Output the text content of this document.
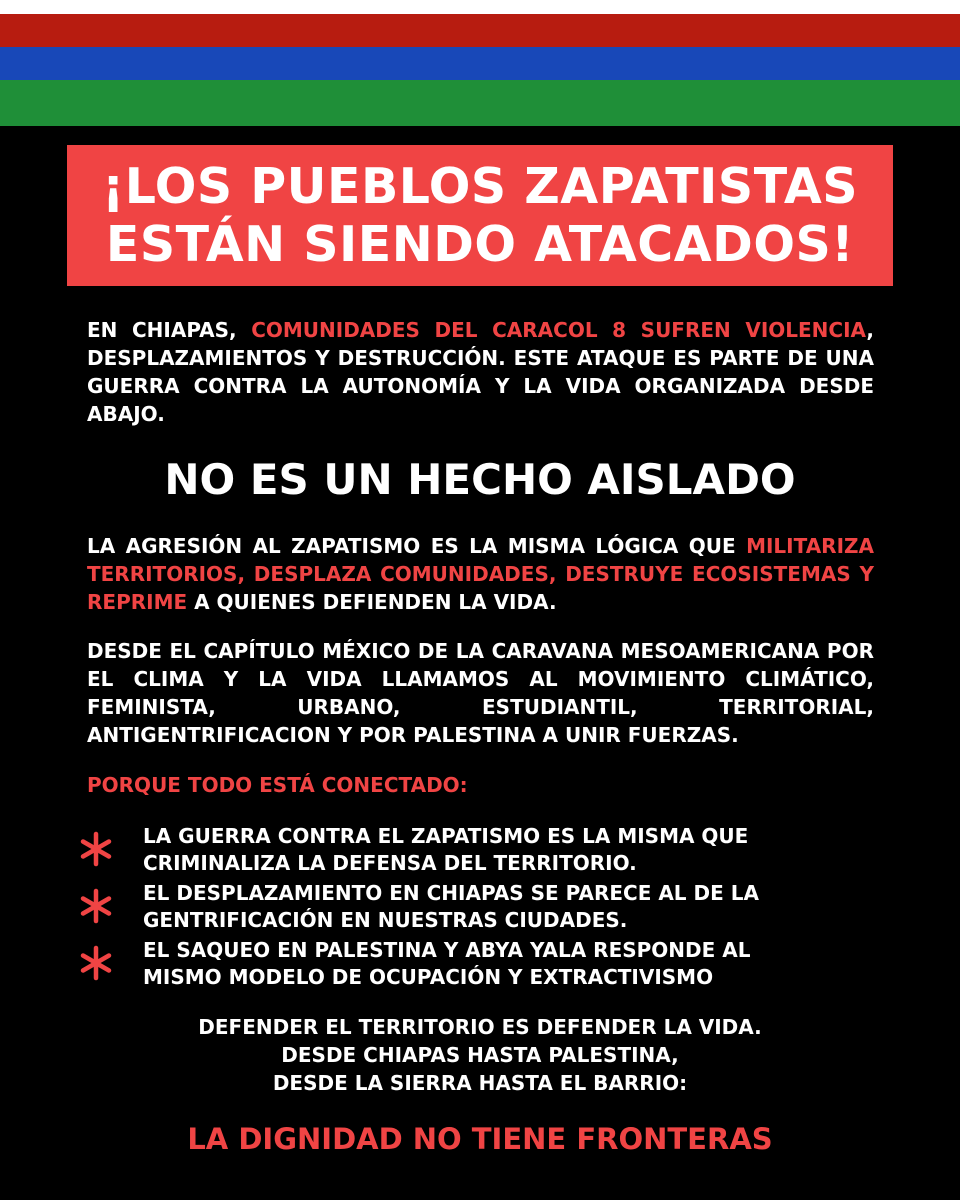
¡LOS PUEBLOS ZAPATISTAS
ESTÁN SIENDO ATACADOS!

EN CHIAPAS, COMUNIDADES DEL CARACOL 8 SUFREN VIOLENCIA, DESPLAZAMIENTOS Y DESTRUCCIÓN. ESTE ATAQUE ES PARTE DE UNA GUERRA CONTRA LA AUTONOMÍA Y LA VIDA ORGANIZADA DESDE ABAJO.

NO ES UN HECHO AISLADO

LA AGRESIÓN AL ZAPATISMO ES LA MISMA LÓGICA QUE MILITARIZA TERRITORIOS, DESPLAZA COMUNIDADES, DESTRUYE ECOSISTEMAS Y REPRIME A QUIENES DEFIENDEN LA VIDA.

DESDE EL CAPÍTULO MÉXICO DE LA CARAVANA MESOAMERICANA POR EL CLIMA Y LA VIDA LLAMAMOS AL MOVIMIENTO CLIMÁTICO, FEMINISTA, URBANO, ESTUDIANTIL, TERRITORIAL, ANTIGENTRIFICACION Y POR PALESTINA A UNIR FUERZAS.

PORQUE TODO ESTÁ CONECTADO:

LA GUERRA CONTRA EL ZAPATISMO ES LA MISMA QUE
CRIMINALIZA LA DEFENSA DEL TERRITORIO.
EL DESPLAZAMIENTO EN CHIAPAS SE PARECE AL DE LA
GENTRIFICACIÓN EN NUESTRAS CIUDADES.
EL SAQUEO EN PALESTINA Y ABYA YALA RESPONDE AL
MISMO MODELO DE OCUPACIÓN Y EXTRACTIVISMO

DEFENDER EL TERRITORIO ES DEFENDER LA VIDA.
DESDE CHIAPAS HASTA PALESTINA,
DESDE LA SIERRA HASTA EL BARRIO:

LA DIGNIDAD NO TIENE FRONTERAS
